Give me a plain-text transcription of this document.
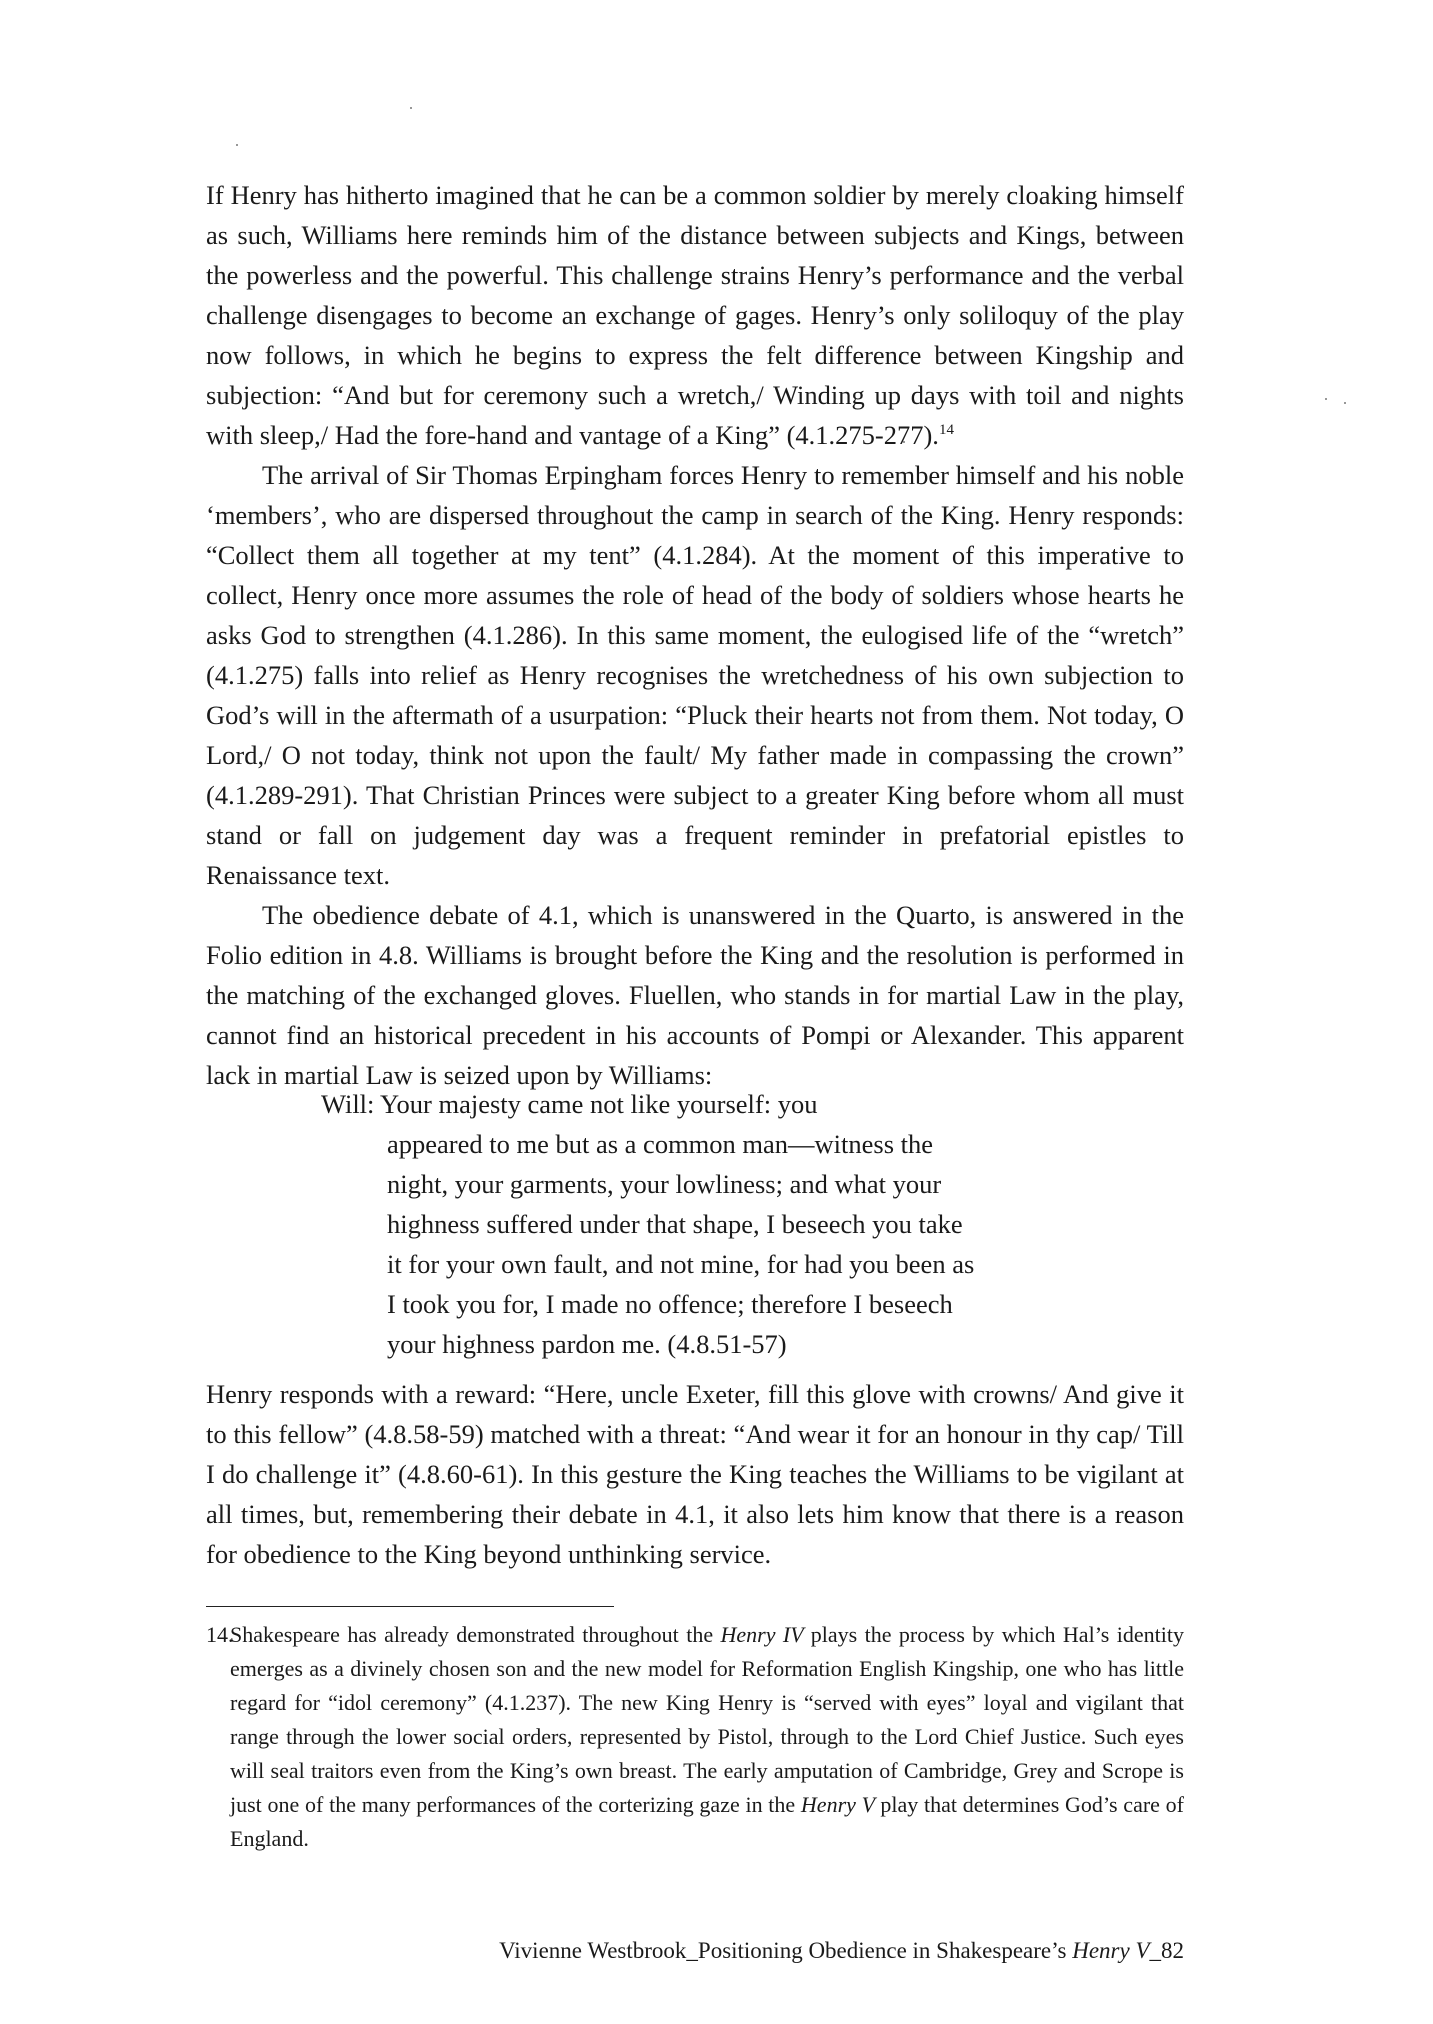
If Henry has hitherto imagined that he can be a common soldier by merely cloaking himself as such, Williams here reminds him of the distance between subjects and Kings, between the powerless and the powerful. This challenge strains Henry’s performance and the verbal challenge disengages to become an exchange of gages. Henry’s only soliloquy of the play now follows, in which he begins to express the felt difference between Kingship and subjection: “And but for ceremony such a wretch,/ Winding up days with toil and nights with sleep,/ Had the fore-hand and vantage of a King” (4.1.275-277).$^{14}$

The arrival of Sir Thomas Erpingham forces Henry to remember himself and his noble ‘members’, who are dispersed throughout the camp in search of the King. Henry responds: “Collect them all together at my tent” (4.1.284). At the moment of this imperative to collect, Henry once more assumes the role of head of the body of soldiers whose hearts he asks God to strengthen (4.1.286). In this same moment, the eulogised life of the “wretch” (4.1.275) falls into relief as Henry recognises the wretchedness of his own subjection to God’s will in the aftermath of a usurpation: “Pluck their hearts not from them. Not today, O Lord,/ O not today, think not upon the fault/ My father made in compassing the crown” (4.1.289-291). That Christian Princes were subject to a greater King before whom all must stand or fall on judgement day was a frequent reminder in prefatorial epistles to Renaissance text.

The obedience debate of 4.1, which is unanswered in the Quarto, is answered in the Folio edition in 4.8. Williams is brought before the King and the resolution is performed in the matching of the exchanged gloves. Fluellen, who stands in for martial Law in the play, cannot find an historical precedent in his accounts of Pompi or Alexander. This apparent lack in martial Law is seized upon by Williams:

Will: Your majesty came not like yourself: you
appeared to me but as a common man—witness the
night, your garments, your lowliness; and what your
highness suffered under that shape, I beseech you take
it for your own fault, and not mine, for had you been as
I took you for, I made no offence; therefore I beseech
your highness pardon me. (4.8.51-57)

Henry responds with a reward: “Here, uncle Exeter, fill this glove with crowns/ And give it to this fellow” (4.8.58-59) matched with a threat: “And wear it for an honour in thy cap/ Till I do challenge it” (4.8.60-61). In this gesture the King teaches the Williams to be vigilant at all times, but, remembering their debate in 4.1, it also lets him know that there is a reason for obedience to the King beyond unthinking service.

14.
Shakespeare has already demonstrated throughout the Henry IV plays the process by which Hal’s identity emerges as a divinely chosen son and the new model for Reformation English Kingship, one who has little regard for “idol ceremony” (4.1.237). The new King Henry is “served with eyes” loyal and vigilant that range through the lower social orders, represented by Pistol, through to the Lord Chief Justice. Such eyes will seal traitors even from the King’s own breast. The early amputation of Cambridge, Grey and Scrope is just one of the many performances of the corterizing gaze in the Henry V play that determines God’s care of England.
Vivienne Westbrook_Positioning Obedience in Shakespeare’s Henry V_82
